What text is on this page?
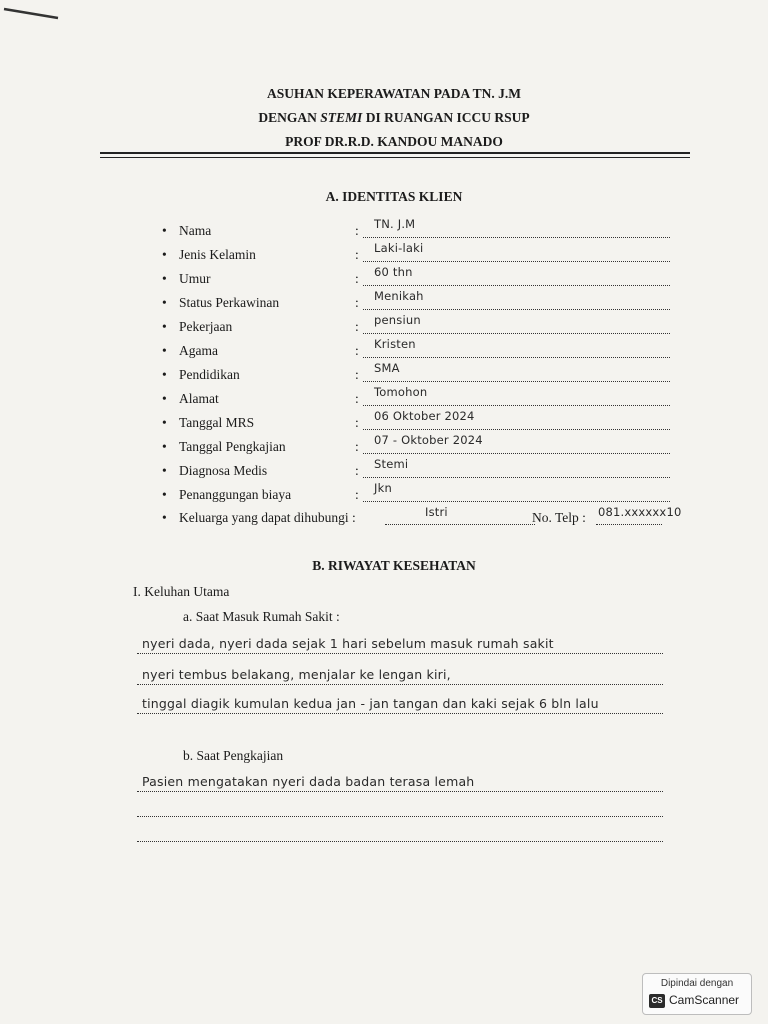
ASUHAN KEPERAWATAN PADA TN. J.M
DENGAN STEMI DI RUANGAN ICCU RSUP
PROF DR.R.D. KANDOU MANADO
A. IDENTITAS KLIEN
• Nama	: TN. J.M
• Jenis Kelamin	: Laki-laki
• Umur	: 60 thn
• Status Perkawinan	: Menikah
• Pekerjaan	: pensiun
• Agama	: Kristen
• Pendidikan	: SMA
• Alamat	: Tomohon
• Tanggal MRS	: 06 Oktober 2024
• Tanggal Pengkajian	: 07 - Oktober 2024
• Diagnosa Medis	: Stemi
• Penanggungan biaya	: Jkn
• Keluarga yang dapat dihubungi :	Istri	No. Telp : 081.xxxxxx10
B. RIWAYAT KESEHATAN
I. Keluhan Utama
a. Saat Masuk Rumah Sakit :
nyeri dada, nyeri dada sejak 1 hari sebelum masuk rumah sakit
nyeri tembus belakang, menjalar ke lengan kiri,
tinggal diagik kumulan kedua jan - jan tangan dan kaki sejak 6 bln lalu
b. Saat Pengkajian
Pasien mengatakan nyeri dada badan terasa lemah
Dipindai dengan
CS CamScanner
